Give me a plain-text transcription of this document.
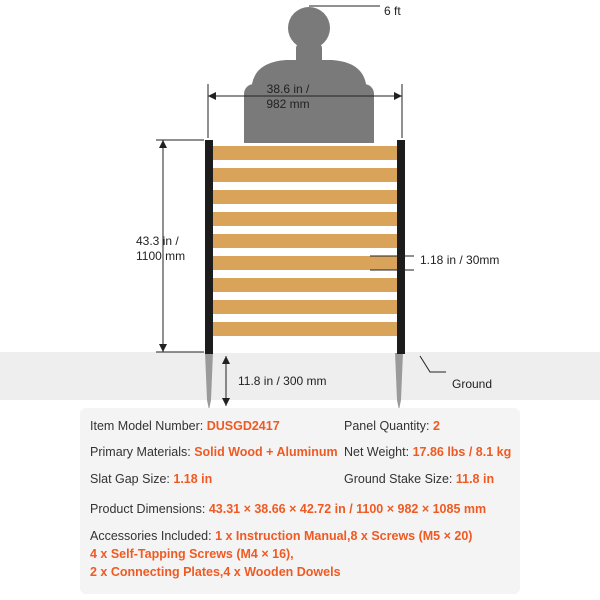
6 ft
38.6 in /
982 mm
43.3 in /
1100 mm	1.18 in / 30mm
11.8 in / 300 mm	Ground
Item Model Number: DUSGD2417	Panel Quantity: 2
Primary Materials: Solid Wood + Aluminum Net Weight: 17.86 lbs / 8.1 kg
Slat Gap Size: 1.18 in	Ground Stake Size: 11.8 in
Product Dimensions: 43.31 × 38.66 × 42.72 in / 1100 × 982 × 1085 mm
Accessories Included: 1 x Instruction Manual,8 x Screws (M5 × 20)
4 x Self-Tapping Screws (M4 × 16),
2 x Connecting Plates,4 x Wooden Dowels
